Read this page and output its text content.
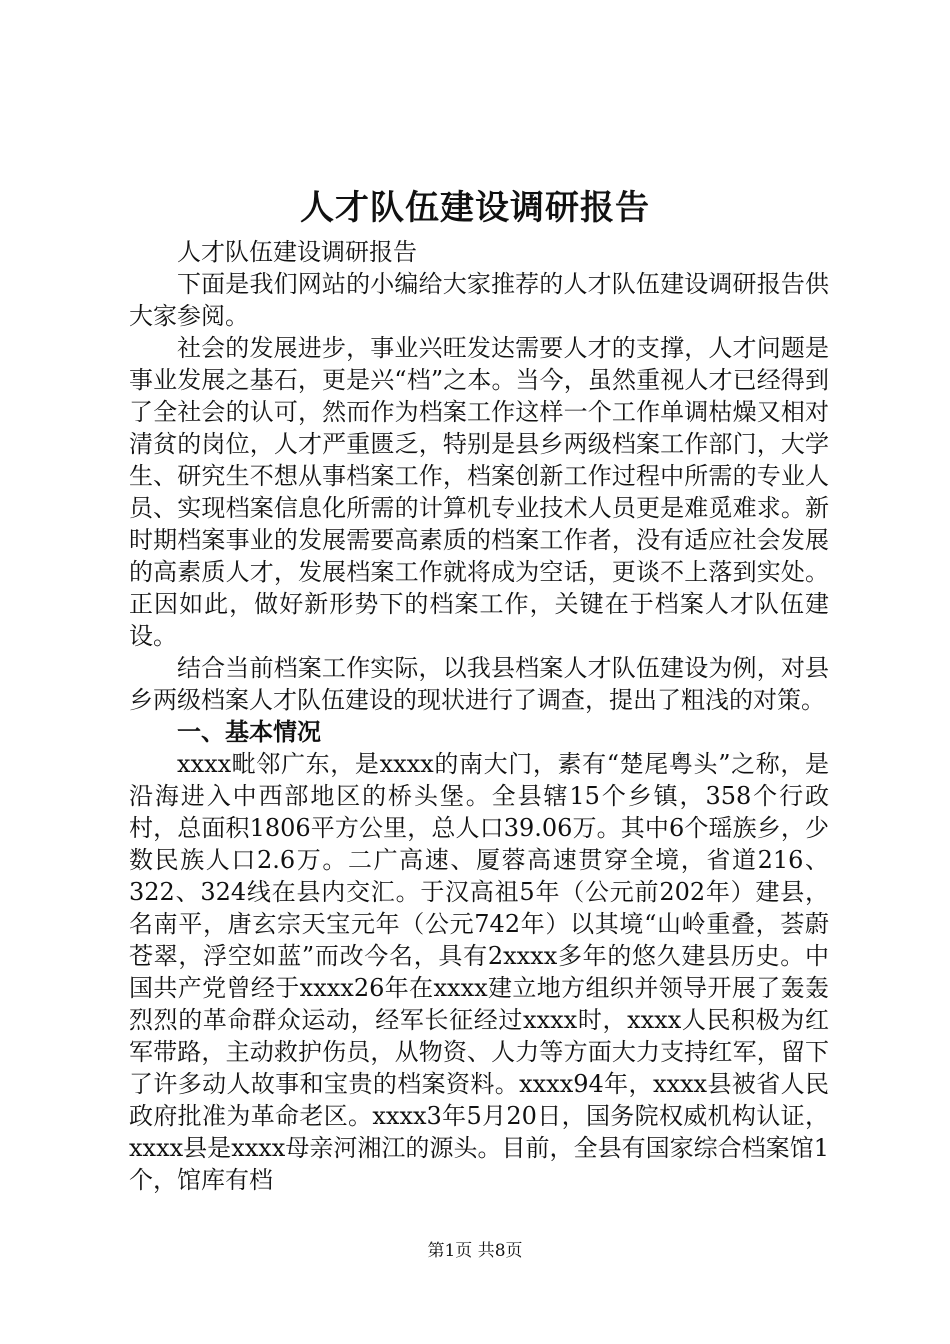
人才队伍建设调研报告

人才队伍建设调研报告

下面是我们网站的小编给大家推荐的人才队伍建设调研报告供大家参阅。

社会的发展进步，事业兴旺发达需要人才的支撑，人才问题是事业发展之基石，更是兴“档”之本。当今，虽然重视人才已经得到了全社会的认可，然而作为档案工作这样一个工作单调枯燥又相对清贫的岗位，人才严重匮乏，特别是县乡两级档案工作部门，大学生、研究生不想从事档案工作，档案创新工作过程中所需的专业人员、实现档案信息化所需的计算机专业技术人员更是难觅难求。新时期档案事业的发展需要高素质的档案工作者，没有适应社会发展的高素质人才，发展档案工作就将成为空话，更谈不上落到实处。正因如此，做好新形势下的档案工作，关键在于档案人才队伍建设。

结合当前档案工作实际，以我县档案人才队伍建设为例，对县乡两级档案人才队伍建设的现状进行了调查，提出了粗浅的对策。

一、基本情况

xxxx毗邻广东，是xxxx的南大门，素有“楚尾粤头”之称，是沿海进入中西部地区的桥头堡。全县辖15个乡镇，358个行政村，总面积1806平方公里，总人口39.06万。其中6个瑶族乡，少数民族人口2.6万。二广高速、厦蓉高速贯穿全境，省道216、322、324线在县内交汇。于汉高祖5年（公元前202年）建县，名南平，唐玄宗天宝元年（公元742年）以其境“山岭重叠，荟蔚苍翠，浮空如蓝”而改今名，具有2xxxx多年的悠久建县历史。中国共产党曾经于xxxx26年在xxxx建立地方组织并领导开展了轰轰烈烈的革命群众运动，经军长征经过xxxx时，xxxx人民积极为红军带路，主动救护伤员，从物资、人力等方面大力支持红军，留下了许多动人故事和宝贵的档案资料。xxxx94年，xxxx县被省人民政府批准为革命老区。xxxx3年5月20日，国务院权威机构认证，xxxx县是xxxx母亲河湘江的源头。目前，全县有国家综合档案馆1个，馆库有档

第1页 共8页
